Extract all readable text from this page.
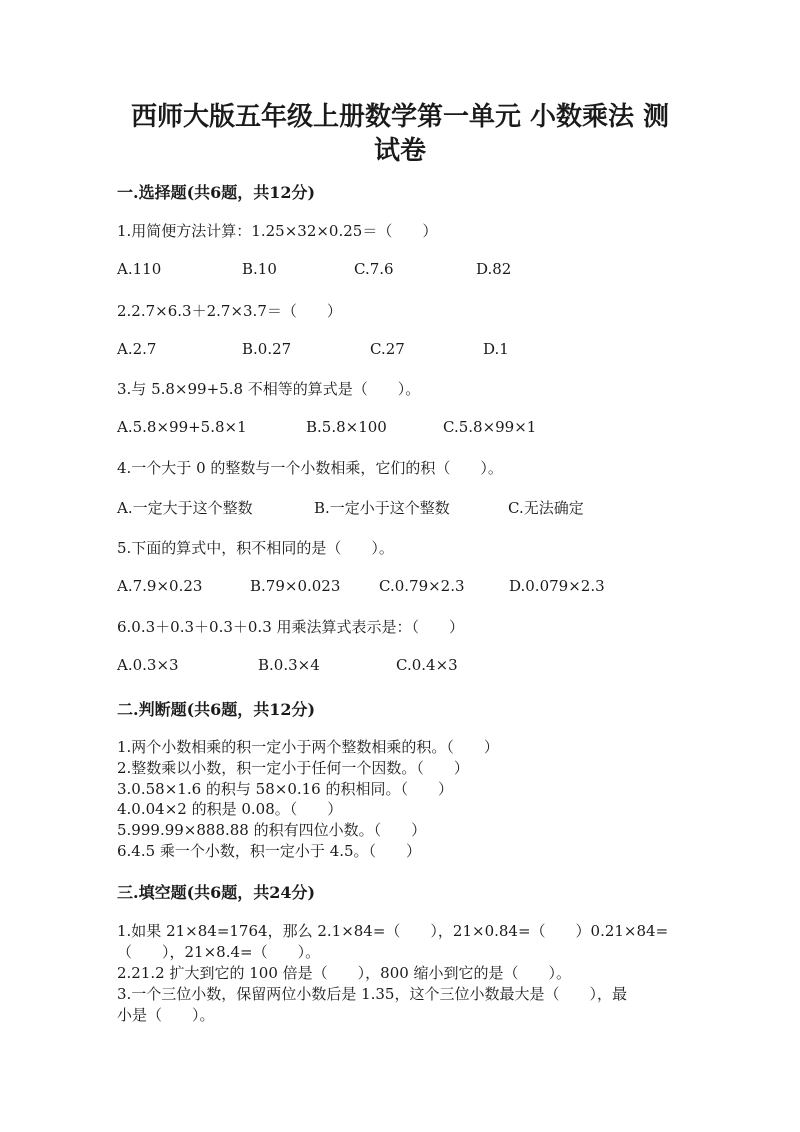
西师大版五年级上册数学第一单元 小数乘法 测试卷
一.选择题(共6题，共12分)
1.用简便方法计算：1.25×32×0.25＝（　　）
A.110	B.10	C.7.6	D.82
2.2.7×6.3＋2.7×3.7＝（　　）
A.2.7	B.0.27	C.27	D.1
3.与 5.8×99+5.8 不相等的算式是（　　）。
A.5.8×99+5.8×1	B.5.8×100	C.5.8×99×1
4.一个大于 0 的整数与一个小数相乘，它们的积（　　）。
A.一定大于这个整数	B.一定小于这个整数	C.无法确定
5.下面的算式中，积不相同的是（　　）。
A.7.9×0.23	B.79×0.023	C.0.79×2.3	D.0.079×2.3
6.0.3＋0.3＋0.3＋0.3 用乘法算式表示是：（　　）
A.0.3×3	B.0.3×4	C.0.4×3
二.判断题(共6题，共12分)
1.两个小数相乘的积一定小于两个整数相乘的积。（　　）
2.整数乘以小数，积一定小于任何一个因数。（　　）
3.0.58×1.6 的积与 58×0.16 的积相同。（　　）
4.0.04×2 的积是 0.08。（　　）
5.999.99×888.88 的积有四位小数。（　　）
6.4.5 乘一个小数，积一定小于 4.5。（　　）
三.填空题(共6题，共24分)
1.如果 21×84=1764，那么 2.1×84=（　　），21×0.84=（　　）0.21×84=
（　　），21×8.4=（　　）。
2.21.2 扩大到它的 100 倍是（　　），800 缩小到它的是（　　）。
3.一个三位小数，保留两位小数后是 1.35，这个三位小数最大是（　　），最
小是（　　）。
